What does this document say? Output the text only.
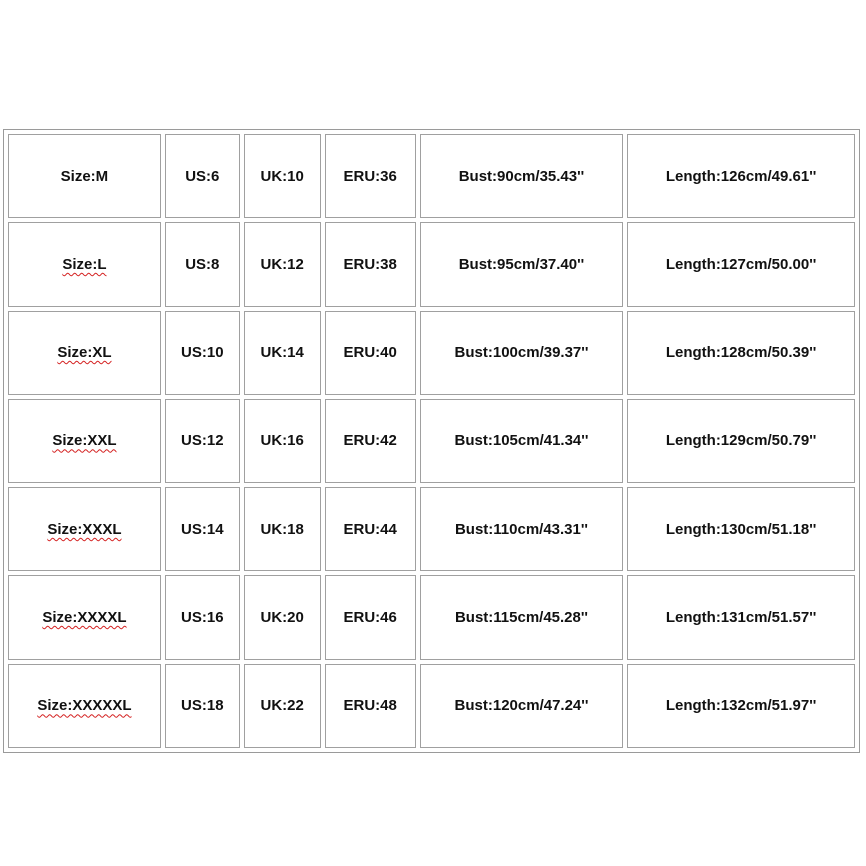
Size:M	US:6	UK:10	ERU:36	Bust:90cm/35.43''	Length:126cm/49.61''
Size:L	US:8	UK:12	ERU:38	Bust:95cm/37.40''	Length:127cm/50.00''
Size:XL	US:10	UK:14	ERU:40	Bust:100cm/39.37''	Length:128cm/50.39''
Size:XXL	US:12	UK:16	ERU:42	Bust:105cm/41.34''	Length:129cm/50.79''
Size:XXXL	US:14	UK:18	ERU:44	Bust:110cm/43.31''	Length:130cm/51.18''
Size:XXXXL	US:16	UK:20	ERU:46	Bust:115cm/45.28''	Length:131cm/51.57''
Size:XXXXXL	US:18	UK:22	ERU:48	Bust:120cm/47.24''	Length:132cm/51.97''
